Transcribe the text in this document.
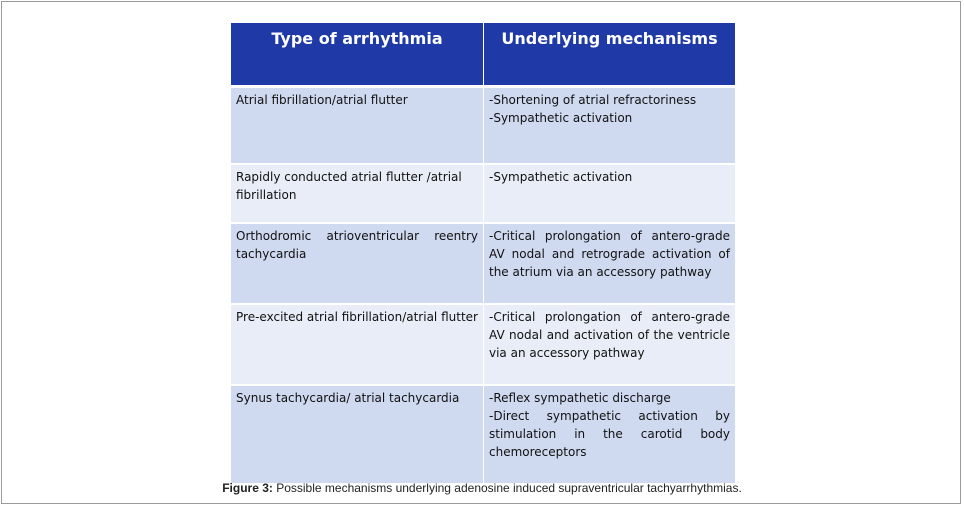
Type of arrhythmia	Underlying mechanisms
Atrial fibrillation/atrial flutter	-Shortening of atrial refractoriness

-Sympathetic activation

Rapidly conducted atrial flutter /atrial fibrillation	-Sympathetic activation

Orthodromic atrioventricular reentry tachycardia	-Critical prolongation of antero-grade AV nodal and retrograde activation of the atrium via an accessory pathway

Pre-excited atrial fibrillation/atrial flutter	-Critical prolongation of antero-grade AV nodal and activation of the ventricle via an accessory pathway

Synus tachycardia/ atrial tachycardia	-Reflex sympathetic discharge

-Direct sympathetic activation by stimulation in the carotid body chemoreceptors

Figure 3: Possible mechanisms underlying adenosine induced supraventricular tachyarrhythmias.
